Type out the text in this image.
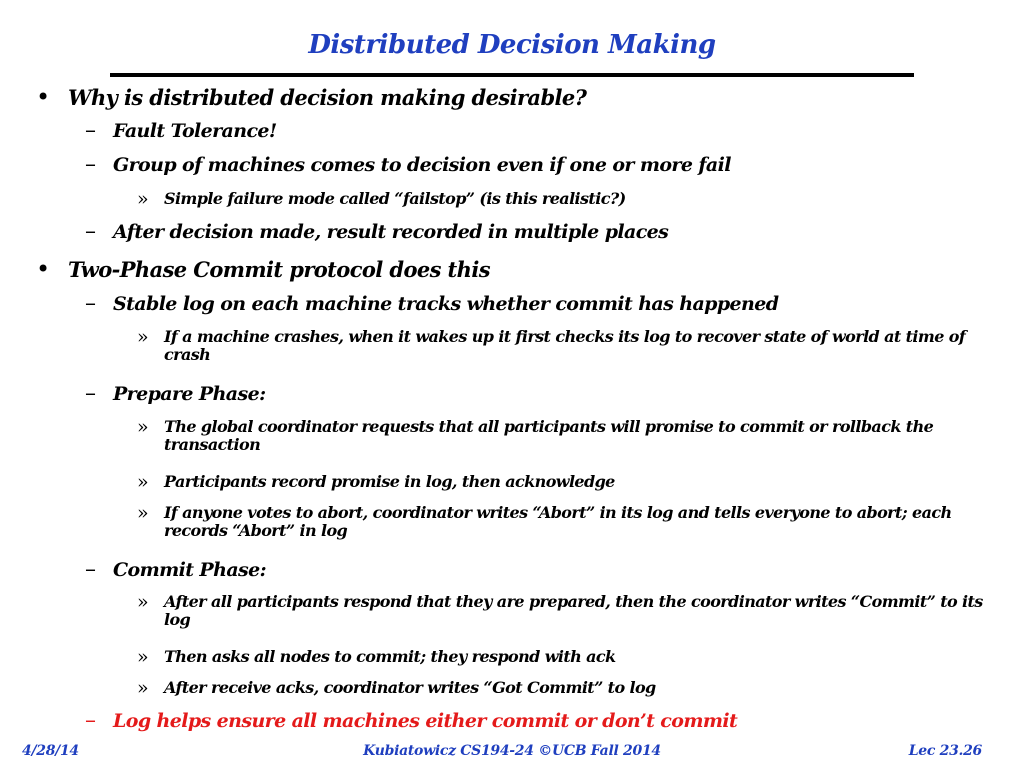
Distributed Decision Making
• Why is distributed decision making desirable?
– Fault Tolerance!
– Group of machines comes to decision even if one or more fail
» Simple failure mode called “failstop” (is this realistic?)
– After decision made, result recorded in multiple places
• Two-Phase Commit protocol does this
– Stable log on each machine tracks whether commit has happened
» If a machine crashes, when it wakes up it first checks its log to recover state of world at time of crash
– Prepare Phase:
» The global coordinator requests that all participants will promise to commit or rollback the transaction
» Participants record promise in log, then acknowledge
» If anyone votes to abort, coordinator writes “Abort” in its log and tells everyone to abort; each records “Abort” in log
– Commit Phase:
» After all participants respond that they are prepared, then the coordinator writes “Commit” to its log
» Then asks all nodes to commit; they respond with ack
» After receive acks, coordinator writes “Got Commit” to log
– Log helps ensure all machines either commit or don’t commit
4/28/14	Kubiatowicz CS194-24 ©UCB Fall 2014	Lec 23.26
